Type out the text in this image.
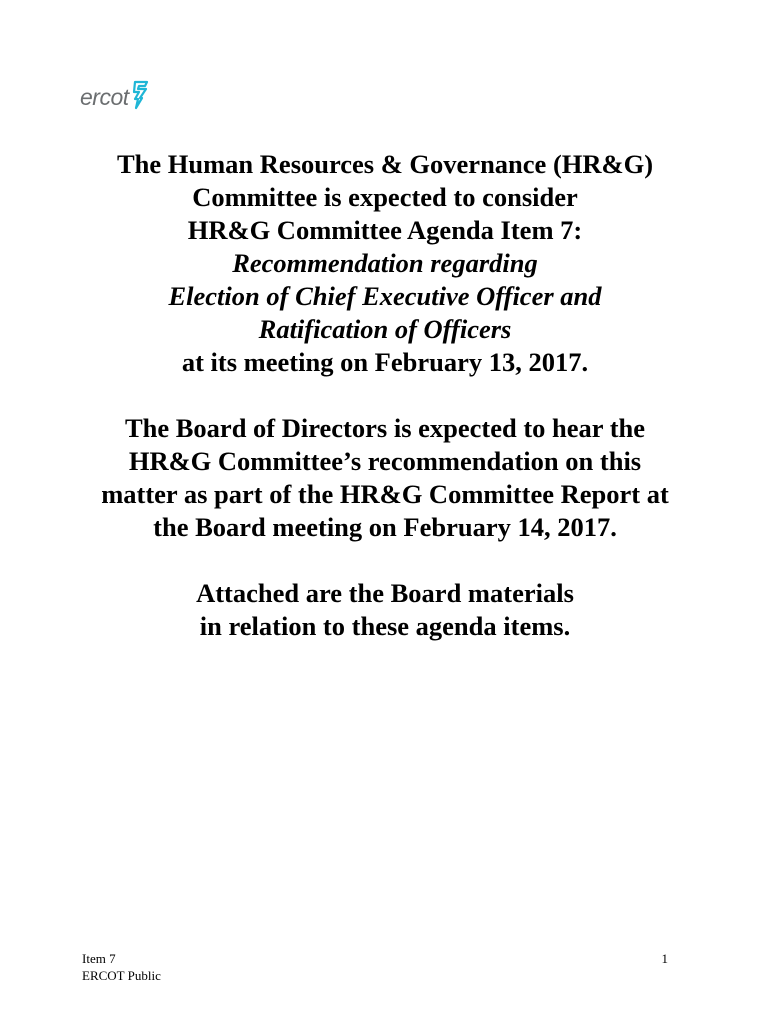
ercot
The Human Resources & Governance (HR&G)
Committee is expected to consider
HR&G Committee Agenda Item 7:
Recommendation regarding
Election of Chief Executive Officer and
Ratification of Officers
at its meeting on February 13, 2017.
The Board of Directors is expected to hear the
HR&G Committee’s recommendation on this
matter as part of the HR&G Committee Report at
the Board meeting on February 14, 2017.
Attached are the Board materials
in relation to these agenda items.
Item 7
ERCOT Public
1
